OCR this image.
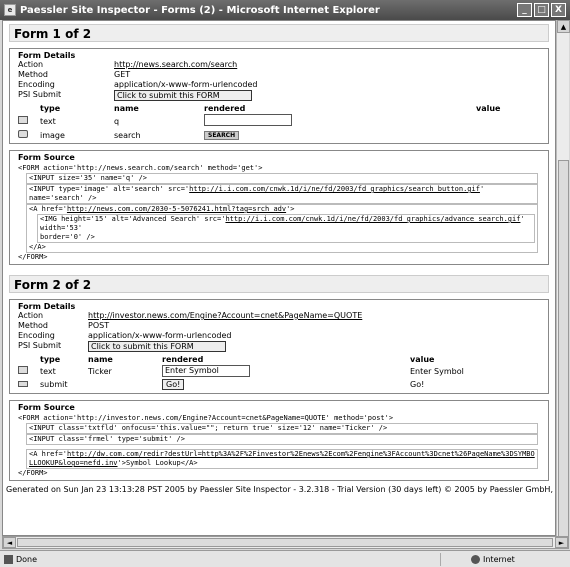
e Paessler Site Inspector - Forms (2) - Microsoft Internet Explorer	_	□	X
Form 1 of 2
Form Details
Action	http://news.search.com/search
Method	GET
Encoding	application/x-www-form-urlencoded
PSI Submit	Click to submit this FORM
	type	name	rendered	value
	text	q		
	image	search	SEARCH	
Form Source
<FORM action='http://news.search.com/search' method='get'>
<INPUT size='35' name='q' />
<INPUT type='image' alt='search' src='http://i.i.com.com/cnwk.1d/i/ne/fd/2003/fd_graphics/search_button.gif' name='search' />
<A href='http://news.com.com/2030-5-5076241.html?tag=srch_adv'>
<IMG height='15' alt='Advanced Search' src='http://i.i.com.com/cnwk.1d/i/ne/fd/2003/fd_graphics/advance_search.gif' width='53'
border='0' />
</A>
</FORM>
Form 2 of 2
Form Details
Action	http://investor.news.com/Engine?Account=cnet&PageName=QUOTE
Method	POST
Encoding	application/x-www-form-urlencoded
PSI Submit	Click to submit this FORM
	type	name	rendered	value
	text	Ticker	Enter Symbol	Enter Symbol
	submit		Go!	Go!
Form Source
<FORM action='http://investor.news.com/Engine?Account=cnet&PageName=QUOTE' method='post'>
<INPUT class='txtfld' onfocus='this.value=""; return true' size='12' name='Ticker' />
<INPUT class='frmel' type='submit' />
<A href='http://dw.com.com/redir?destUrl=http%3A%2F%2Finvestor%2Enews%2Ecom%2Fengine%3FAccount%3Dcnet%26PageName%3DSYMBOLLOOKUP&logo=nefd.inv'>Symbol Lookup</A>
</FORM>
Generated on Sun Jan 23 13:13:28 PST 2005 by Paessler Site Inspector - 3.2.318 - Trial Version (30 days left) © 2005 by Paessler GmbH,
▲
◄	►
Done	Internet
